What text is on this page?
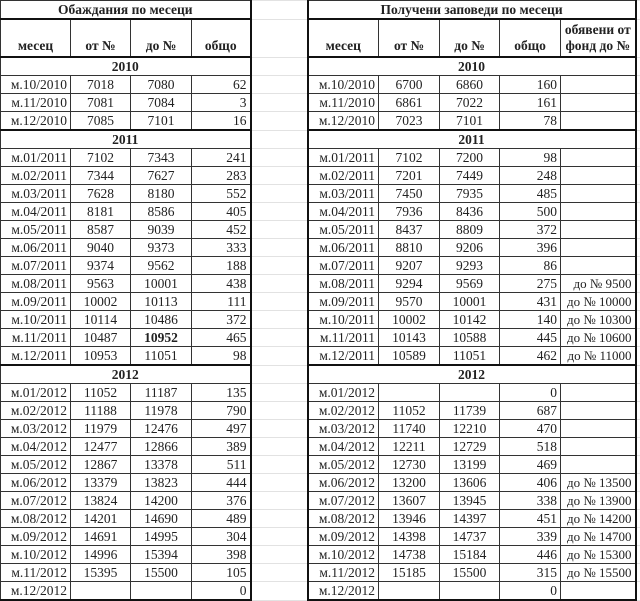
Обаждания по месеци					Получени заповеди по месеци					
месец	от №	до №	общо		месец	от №	до №	общо	обявени от фонд до №	
2010					2010					
м.10/2010	7018	7080	62		м.10/2010	6700	6860	160		
м.11/2010	7081	7084	3		м.11/2010	6861	7022	161		
м.12/2010	7085	7101	16		м.12/2010	7023	7101	78		
2011					2011					
м.01/2011	7102	7343	241		м.01/2011	7102	7200	98		
м.02/2011	7344	7627	283		м.02/2011	7201	7449	248		
м.03/2011	7628	8180	552		м.03/2011	7450	7935	485		
м.04/2011	8181	8586	405		м.04/2011	7936	8436	500		
м.05/2011	8587	9039	452		м.05/2011	8437	8809	372		
м.06/2011	9040	9373	333		м.06/2011	8810	9206	396		
м.07/2011	9374	9562	188		м.07/2011	9207	9293	86		
м.08/2011	9563	10001	438		м.08/2011	9294	9569	275	до № 9500	
м.09/2011	10002	10113	111		м.09/2011	9570	10001	431	до № 10000	
м.10/2011	10114	10486	372		м.10/2011	10002	10142	140	до № 10300	
м.11/2011	10487	10952	465		м.11/2011	10143	10588	445	до № 10600	
м.12/2011	10953	11051	98		м.12/2011	10589	11051	462	до № 11000	
2012					2012					
м.01/2012	11052	11187	135		м.01/2012			0		
м.02/2012	11188	11978	790		м.02/2012	11052	11739	687		
м.03/2012	11979	12476	497		м.03/2012	11740	12210	470		
м.04/2012	12477	12866	389		м.04/2012	12211	12729	518		
м.05/2012	12867	13378	511		м.05/2012	12730	13199	469		
м.06/2012	13379	13823	444		м.06/2012	13200	13606	406	до № 13500	
м.07/2012	13824	14200	376		м.07/2012	13607	13945	338	до № 13900	
м.08/2012	14201	14690	489		м.08/2012	13946	14397	451	до № 14200	
м.09/2012	14691	14995	304		м.09/2012	14398	14737	339	до № 14700	
м.10/2012	14996	15394	398		м.10/2012	14738	15184	446	до № 15300	
м.11/2012	15395	15500	105		м.11/2012	15185	15500	315	до № 15500	
м.12/2012			0		м.12/2012			0		
